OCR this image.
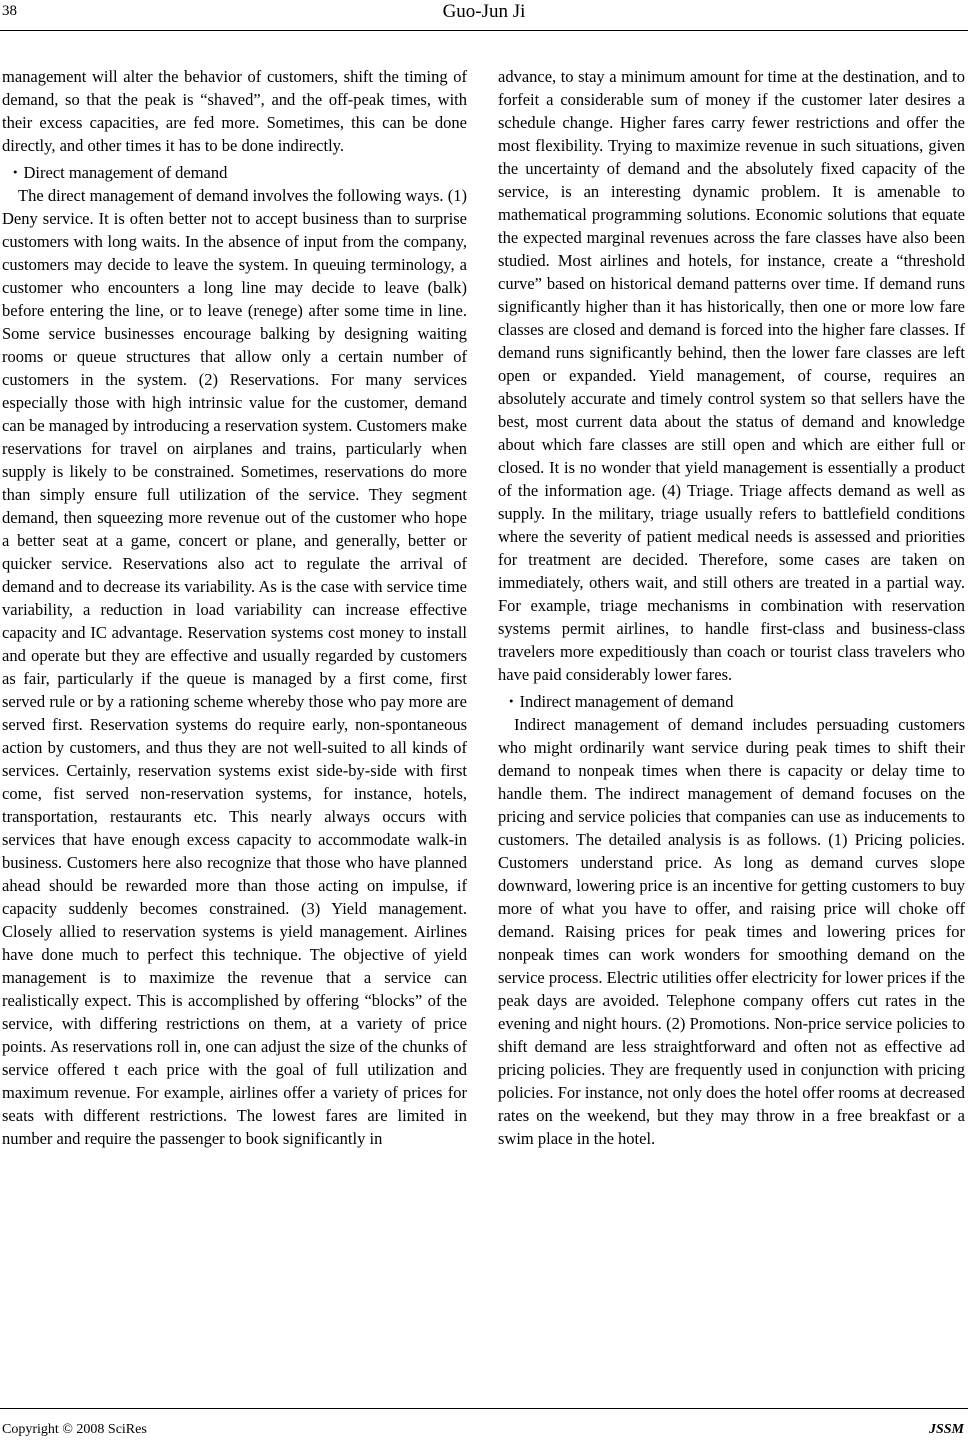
38	Guo-Jun Ji

management will alter the behavior of customers, shift the timing of demand, so that the peak is “shaved”, and the off-peak times, with their excess capacities, are fed more. Sometimes, this can be done directly, and other times it has to be done indirectly.

・Direct management of demand

The direct management of demand involves the following ways. (1) Deny service. It is often better not to accept business than to surprise customers with long waits. In the absence of input from the company, customers may decide to leave the system. In queuing terminology, a customer who encounters a long line may decide to leave (balk) before entering the line, or to leave (renege) after some time in line. Some service businesses encourage balking by designing waiting rooms or queue structures that allow only a certain number of customers in the system. (2) Reservations. For many services especially those with high intrinsic value for the customer, demand can be managed by introducing a reservation system. Customers make reservations for travel on airplanes and trains, particularly when supply is likely to be constrained. Sometimes, reservations do more than simply ensure full utilization of the service. They segment demand, then squeezing more revenue out of the customer who hope a better seat at a game, concert or plane, and generally, better or quicker service. Reservations also act to regulate the arrival of demand and to decrease its variability. As is the case with service time variability, a reduction in load variability can increase effective capacity and IC advantage. Reservation systems cost money to install and operate but they are effective and usually regarded by customers as fair, particularly if the queue is managed by a first come, first served rule or by a rationing scheme whereby those who pay more are served first. Reservation systems do require early, non-spontaneous action by customers, and thus they are not well-suited to all kinds of services. Certainly, reservation systems exist side-by-side with first come, fist served non-reservation systems, for instance, hotels, transportation, restaurants etc. This nearly always occurs with services that have enough excess capacity to accommodate walk-in business. Customers here also recognize that those who have planned ahead should be rewarded more than those acting on impulse, if capacity suddenly becomes constrained. (3) Yield management. Closely allied to reservation systems is yield management. Airlines have done much to perfect this technique. The objective of yield management is to maximize the revenue that a service can realistically expect. This is accomplished by offering “blocks” of the service, with differing restrictions on them, at a variety of price points. As reservations roll in, one can adjust the size of the chunks of service offered t each price with the goal of full utilization and maximum revenue. For example, airlines offer a variety of prices for seats with different restrictions. The lowest fares are limited in number and require the passenger to book significantly in

advance, to stay a minimum amount for time at the destination, and to forfeit a considerable sum of money if the customer later desires a schedule change. Higher fares carry fewer restrictions and offer the most flexibility. Trying to maximize revenue in such situations, given the uncertainty of demand and the absolutely fixed capacity of the service, is an interesting dynamic problem. It is amenable to mathematical programming solutions. Economic solutions that equate the expected marginal revenues across the fare classes have also been studied. Most airlines and hotels, for instance, create a “threshold curve” based on historical demand patterns over time. If demand runs significantly higher than it has historically, then one or more low fare classes are closed and demand is forced into the higher fare classes. If demand runs significantly behind, then the lower fare classes are left open or expanded. Yield management, of course, requires an absolutely accurate and timely control system so that sellers have the best, most current data about the status of demand and knowledge about which fare classes are still open and which are either full or closed. It is no wonder that yield management is essentially a product of the information age. (4) Triage. Triage affects demand as well as supply. In the military, triage usually refers to battlefield conditions where the severity of patient medical needs is assessed and priorities for treatment are decided. Therefore, some cases are taken on immediately, others wait, and still others are treated in a partial way. For example, triage mechanisms in combination with reservation systems permit airlines, to handle first-class and business-class travelers more expeditiously than coach or tourist class travelers who have paid considerably lower fares.

・Indirect management of demand

Indirect management of demand includes persuading customers who might ordinarily want service during peak times to shift their demand to nonpeak times when there is capacity or delay time to handle them. The indirect management of demand focuses on the pricing and service policies that companies can use as inducements to customers. The detailed analysis is as follows. (1) Pricing policies. Customers understand price. As long as demand curves slope downward, lowering price is an incentive for getting customers to buy more of what you have to offer, and raising price will choke off demand. Raising prices for peak times and lowering prices for nonpeak times can work wonders for smoothing demand on the service process. Electric utilities offer electricity for lower prices if the peak days are avoided. Telephone company offers cut rates in the evening and night hours. (2) Promotions. Non-price service policies to shift demand are less straightforward and often not as effective ad pricing policies. They are frequently used in conjunction with pricing policies. For instance, not only does the hotel offer rooms at decreased rates on the weekend, but they may throw in a free breakfast or a swim place in the hotel.

Copyright © 2008 SciRes	JSSM
